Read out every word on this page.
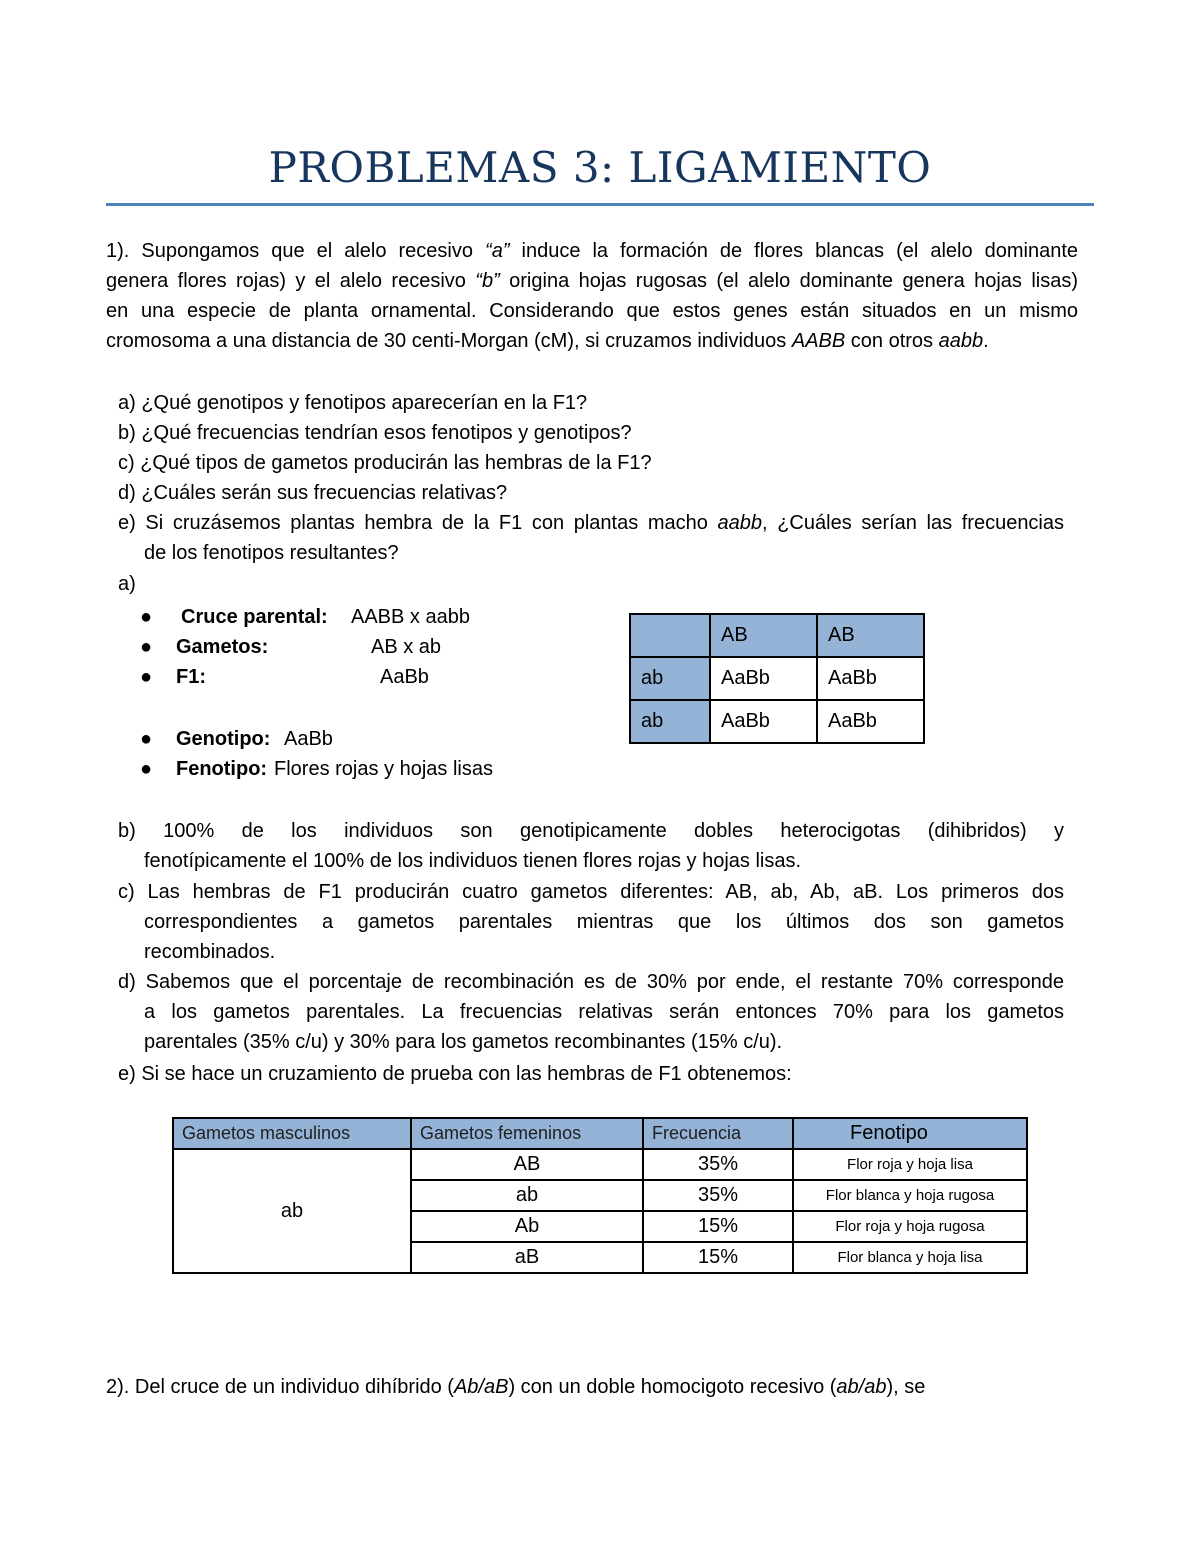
PROBLEMAS 3: LIGAMIENTO
1). Supongamos que el alelo recesivo “a” induce la formación de flores blancas (el alelo dominante
genera flores rojas) y el alelo recesivo “b” origina hojas rugosas (el alelo dominante genera hojas lisas)
en una especie de planta ornamental. Considerando que estos genes están situados en un mismo
cromosoma a una distancia de 30 centi-Morgan (cM), si cruzamos individuos AABB con otros aabb.
a) ¿Qué genotipos y fenotipos aparecerían en la F1?
b) ¿Qué frecuencias tendrían esos fenotipos y genotipos?
c) ¿Qué tipos de gametos producirán las hembras de la F1?
d) ¿Cuáles serán sus frecuencias relativas?
e) Si cruzásemos plantas hembra de la F1 con plantas macho aabb, ¿Cuáles serían las frecuencias
de los fenotipos resultantes?
a)
● Cruce parental: AABB x aabb
● Gametos:	AB x ab
● F1:	AaBb
● Genotipo: AaBb
● Fenotipo: Flores rojas y hojas lisas
	AB	AB
ab	AaBb	AaBb
ab	AaBb	AaBb
b) 100% de los individuos son genotipicamente dobles heterocigotas (dihibridos) y
fenotípicamente el 100% de los individuos tienen flores rojas y hojas lisas.
c) Las hembras de F1 producirán cuatro gametos diferentes: AB, ab, Ab, aB. Los primeros dos
correspondientes a gametos parentales mientras que los últimos dos son gametos
recombinados.
d) Sabemos que el porcentaje de recombinación es de 30% por ende, el restante 70% corresponde
a los gametos parentales. La frecuencias relativas serán entonces 70% para los gametos
parentales (35% c/u) y 30% para los gametos recombinantes (15% c/u).
e) Si se hace un cruzamiento de prueba con las hembras de F1 obtenemos:
Gametos masculinos	Gametos femeninos	Frecuencia	Fenotipo
ab	AB	35%	Flor roja y hoja lisa
	ab	35%	Flor blanca y hoja rugosa
	Ab	15%	Flor roja y hoja rugosa
	aB	15%	Flor blanca y hoja lisa
2). Del cruce de un individuo dihíbrido (Ab/aB) con un doble homocigoto recesivo (ab/ab), se
